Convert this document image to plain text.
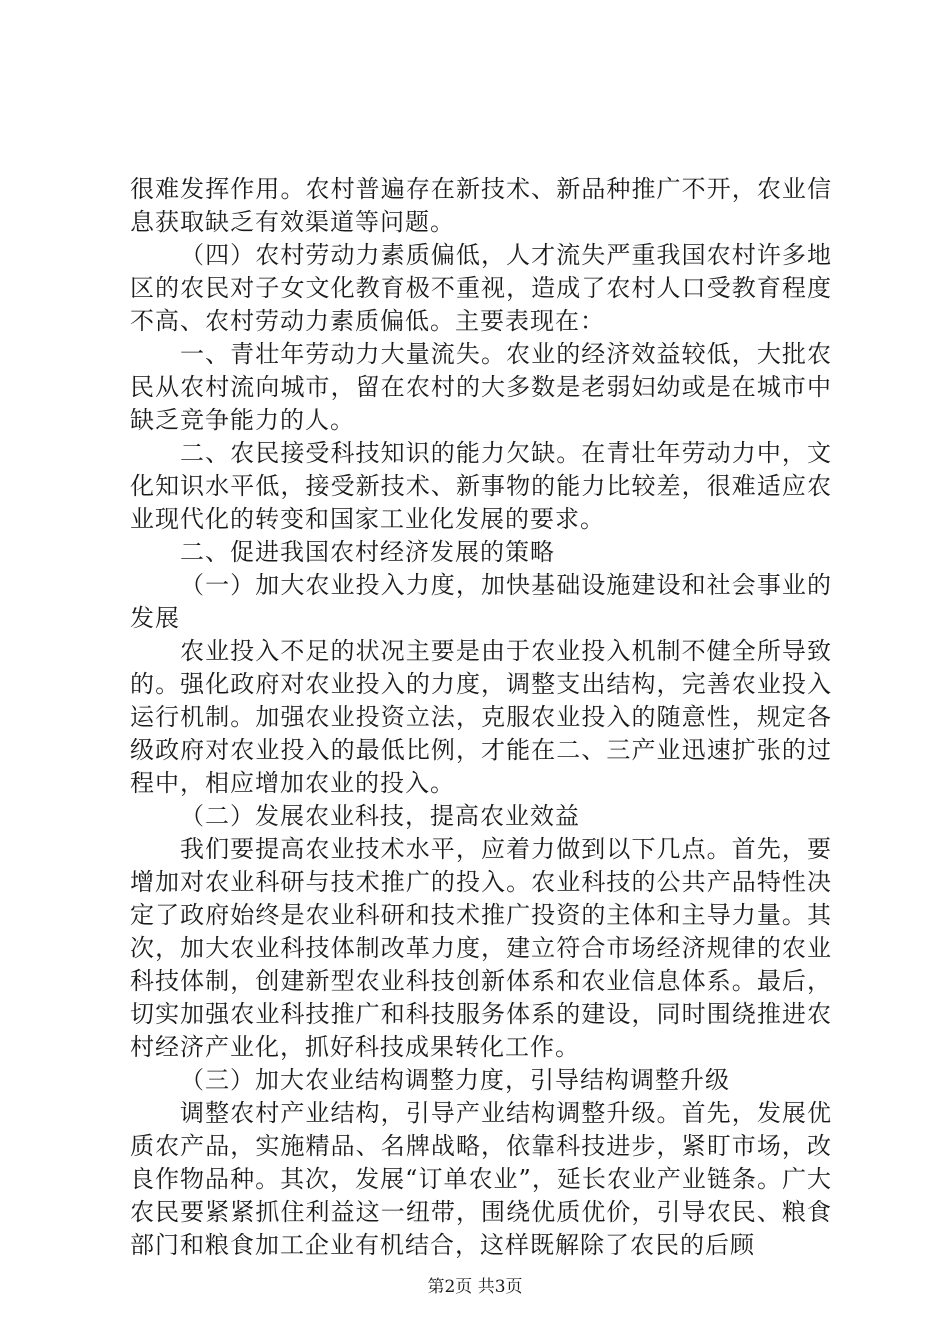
很难发挥作用。农村普遍存在新技术、新品种推广不开，农业信息获取缺乏有效渠道等问题。

（四）农村劳动力素质偏低，人才流失严重我国农村许多地区的农民对子女文化教育极不重视，造成了农村人口受教育程度不高、农村劳动力素质偏低。主要表现在：

一、青壮年劳动力大量流失。农业的经济效益较低，大批农民从农村流向城市，留在农村的大多数是老弱妇幼或是在城市中缺乏竞争能力的人。

二、农民接受科技知识的能力欠缺。在青壮年劳动力中，文化知识水平低，接受新技术、新事物的能力比较差，很难适应农业现代化的转变和国家工业化发展的要求。

二、促进我国农村经济发展的策略

（一）加大农业投入力度，加快基础设施建设和社会事业的发展

农业投入不足的状况主要是由于农业投入机制不健全所导致的。强化政府对农业投入的力度，调整支出结构，完善农业投入运行机制。加强农业投资立法，克服农业投入的随意性，规定各级政府对农业投入的最低比例，才能在二、三产业迅速扩张的过程中，相应增加农业的投入。

（二）发展农业科技，提高农业效益

我们要提高农业技术水平，应着力做到以下几点。首先，要增加对农业科研与技术推广的投入。农业科技的公共产品特性决定了政府始终是农业科研和技术推广投资的主体和主导力量。其次，加大农业科技体制改革力度，建立符合市场经济规律的农业科技体制，创建新型农业科技创新体系和农业信息体系。最后，切实加强农业科技推广和科技服务体系的建设，同时围绕推进农村经济产业化，抓好科技成果转化工作。

（三）加大农业结构调整力度，引导结构调整升级

调整农村产业结构，引导产业结构调整升级。首先，发展优质农产品，实施精品、名牌战略，依靠科技进步，紧盯市场，改良作物品种。其次，发展“订单农业”，延长农业产业链条。广大农民要紧紧抓住利益这一纽带，围绕优质优价，引导农民、粮食部门和粮食加工企业有机结合，这样既解除了农民的后顾

第2页 共3页
